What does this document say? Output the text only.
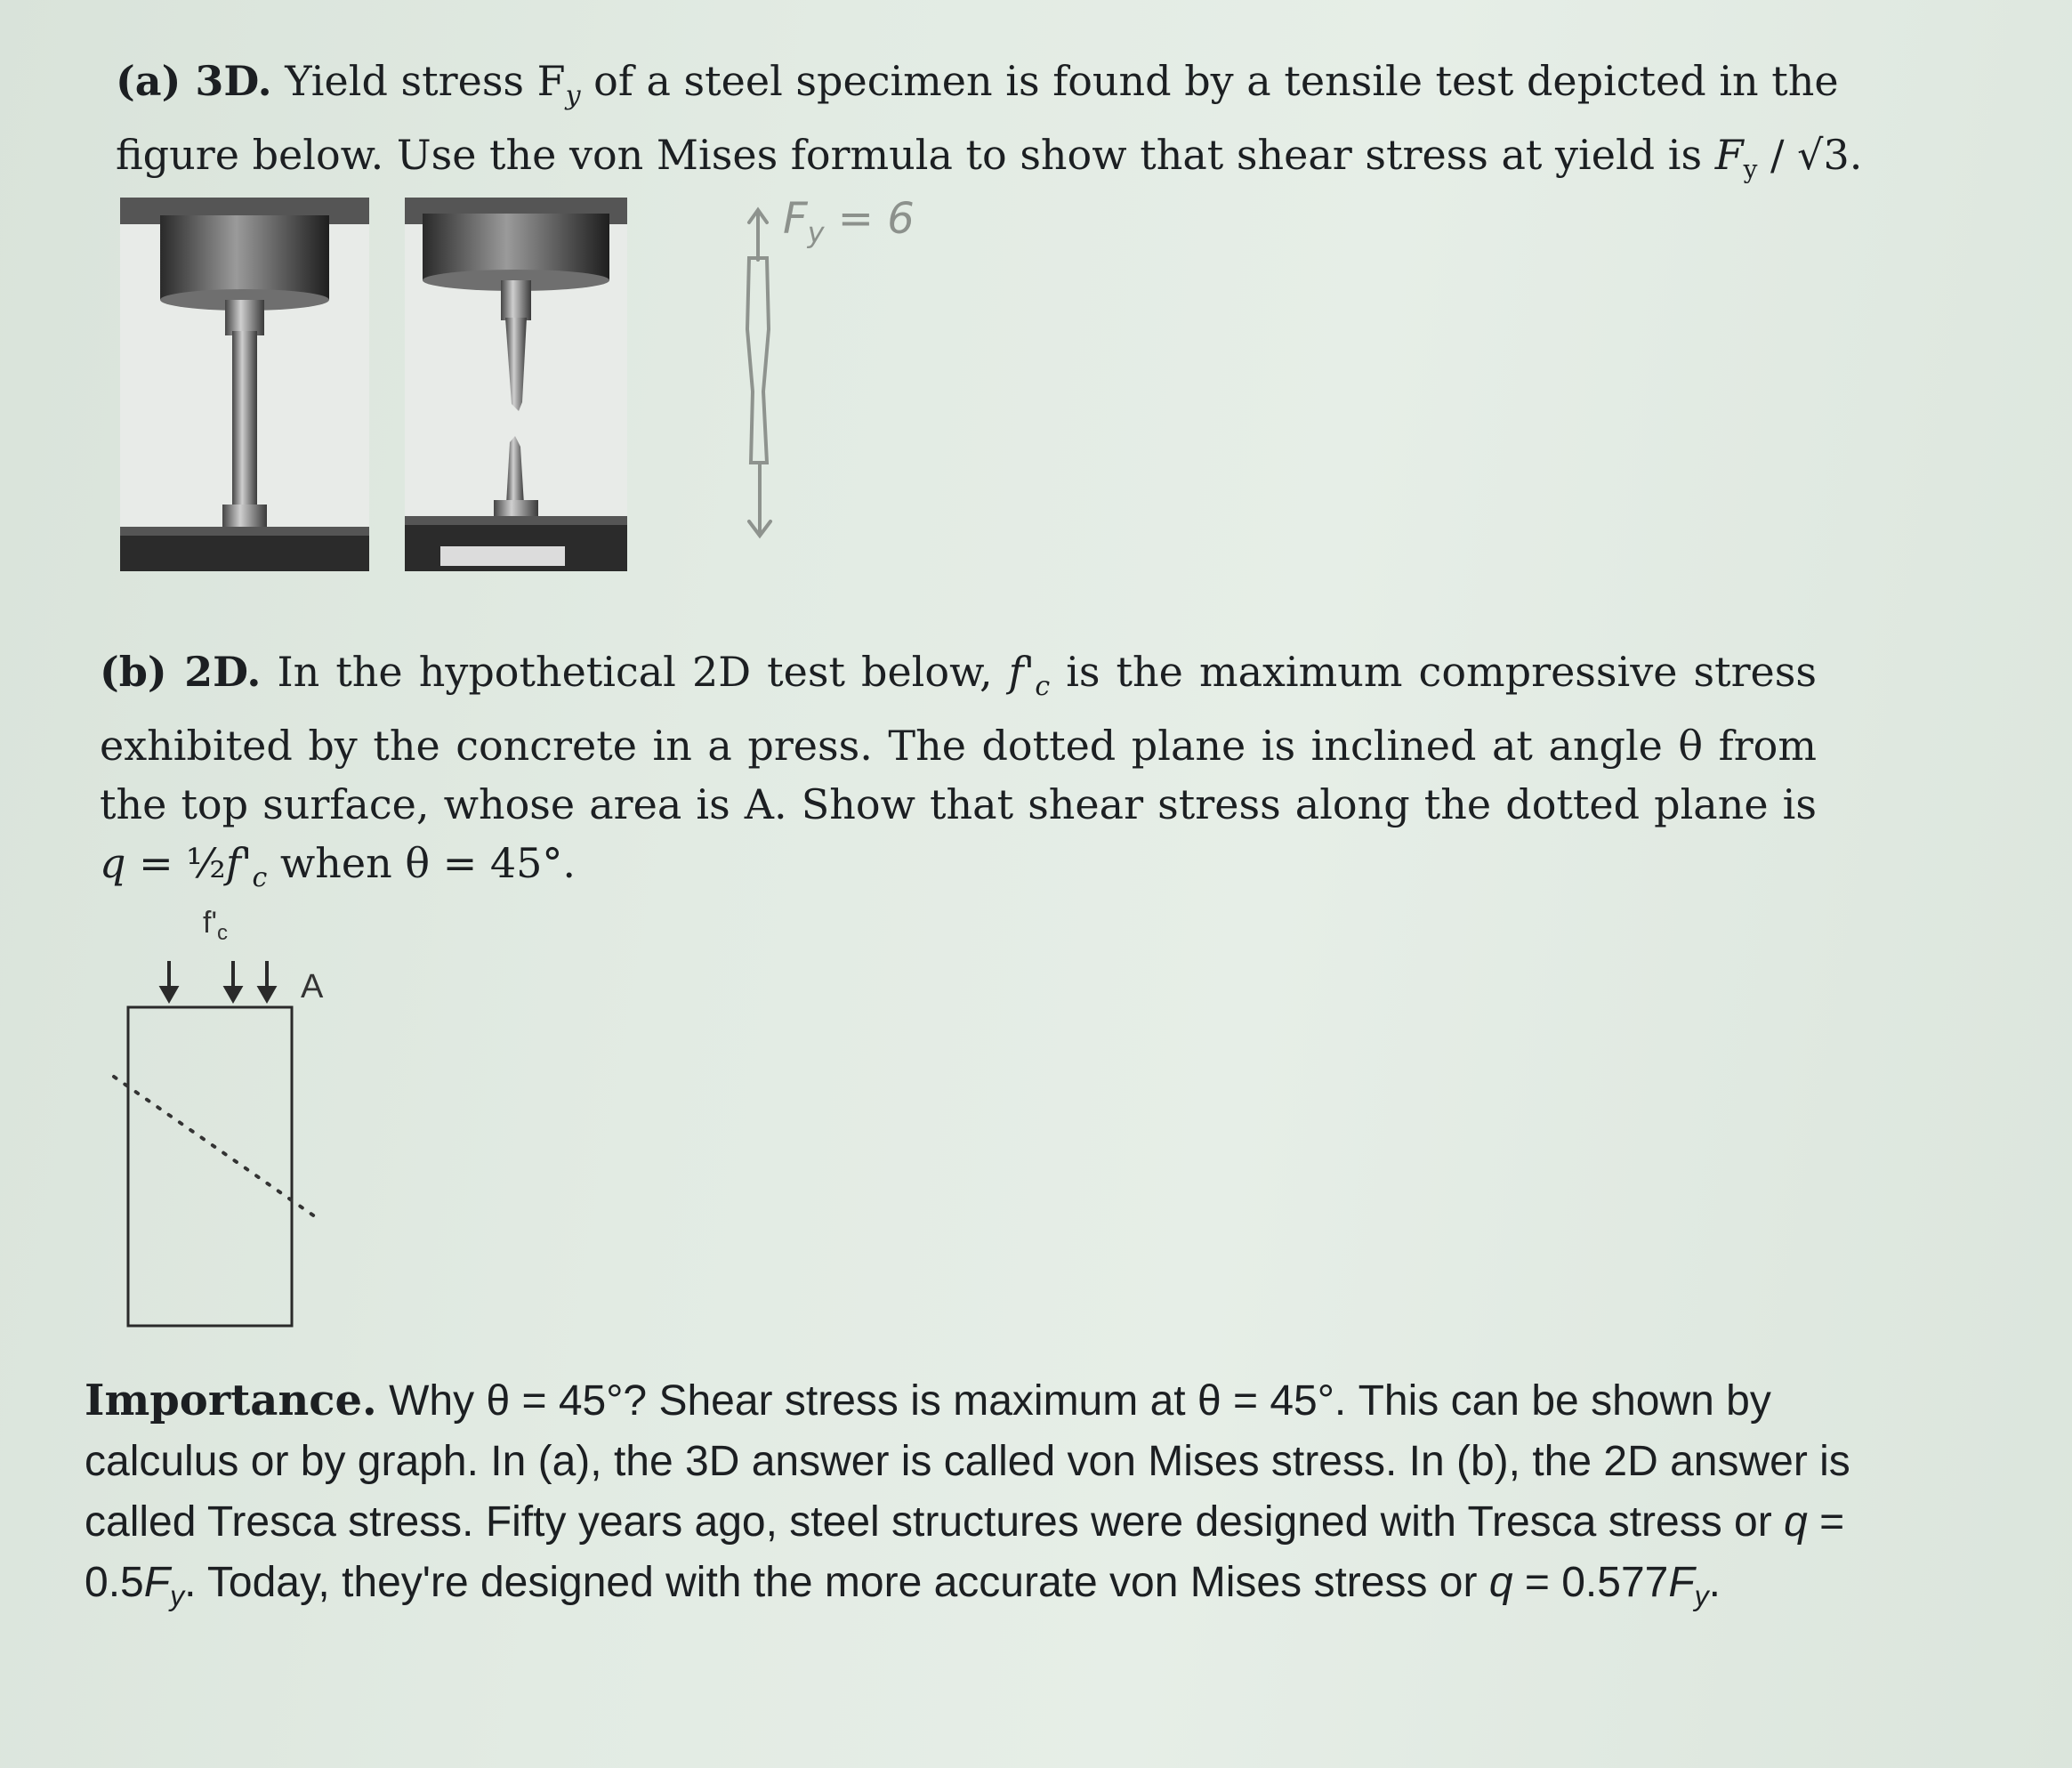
(a) 3D. Yield stress $F_y$ of a steel specimen is found by a tensile test depicted in the
figure below. Use the von Mises formula to show that shear stress at yield is $F_y / √3$.

$F_y = 6$

(b) 2D. In the hypothetical 2D test below, $f'_c$ is the maximum compressive stress exhibited by the concrete in a press. The dotted plane is inclined at angle θ from the top surface, whose area is A. Show that shear stress along the dotted plane is $q = \frac{1}{2}f'_c$ when θ = 45°.

$f'_c$
A

Importance. Why θ = 45°? Shear stress is maximum at θ = 45°. This can be shown by calculus or by graph. In (a), the 3D answer is called von Mises stress. In (b), the 2D answer is called Tresca stress. Fifty years ago, steel structures were designed with Tresca stress or $q = 0.5F_y$. Today, they're designed with the more accurate von Mises stress or $q = 0.577F_y$.
